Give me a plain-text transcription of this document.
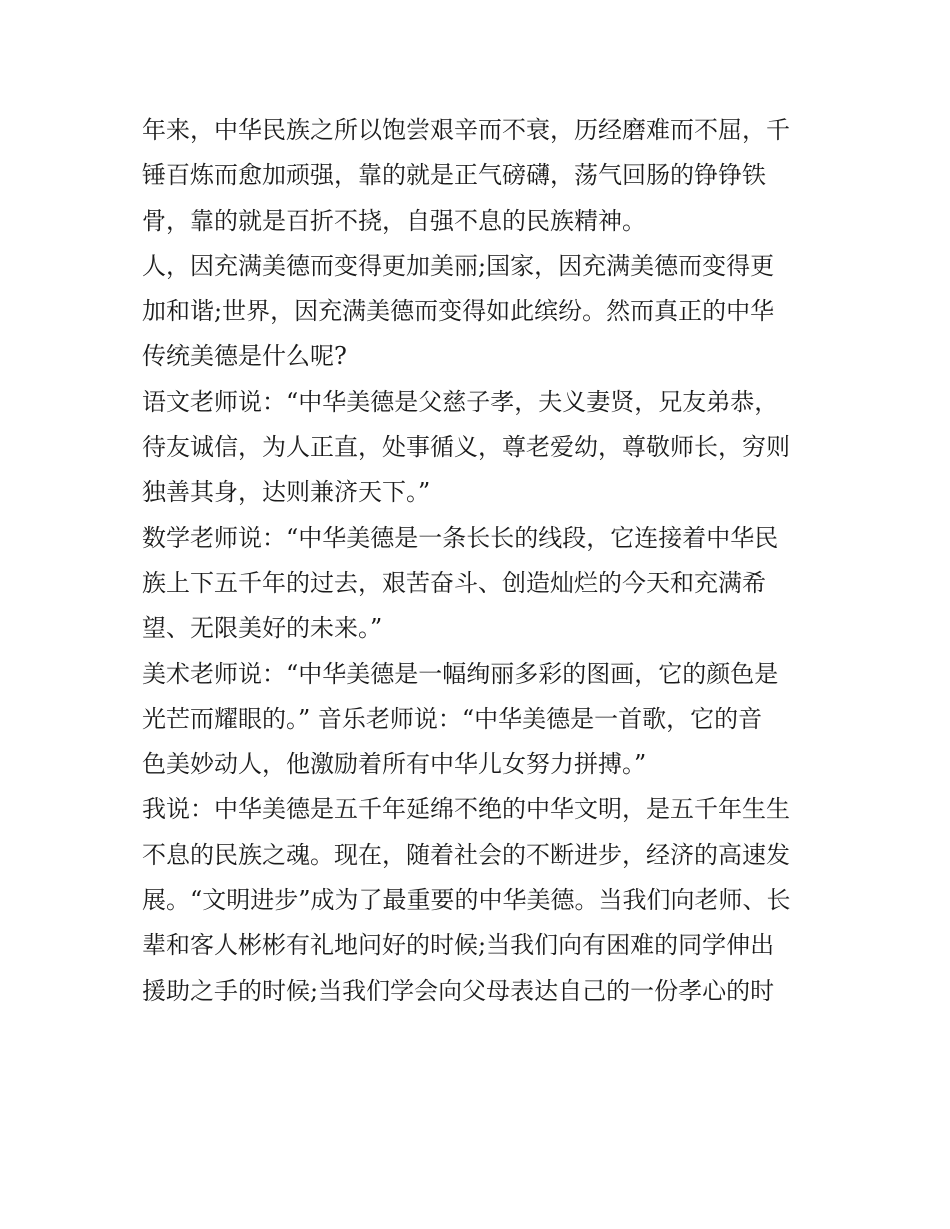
年来，中华民族之所以饱尝艰辛而不衰，历经磨难而不屈，千
锤百炼而愈加顽强，靠的就是正气磅礴，荡气回肠的铮铮铁
骨，靠的就是百折不挠，自强不息的民族精神。
人，因充满美德而变得更加美丽;国家，因充满美德而变得更
加和谐;世界，因充满美德而变得如此缤纷。然而真正的中华
传统美德是什么呢?
语文老师说：“中华美德是父慈子孝，夫义妻贤，兄友弟恭，
待友诚信，为人正直，处事循义，尊老爱幼，尊敬师长，穷则
独善其身，达则兼济天下。”
数学老师说：“中华美德是一条长长的线段，它连接着中华民
族上下五千年的过去，艰苦奋斗、创造灿烂的今天和充满希
望、无限美好的未来。”
美术老师说：“中华美德是一幅绚丽多彩的图画，它的颜色是
光芒而耀眼的。” 音乐老师说：“中华美德是一首歌，它的音
色美妙动人，他激励着所有中华儿女努力拼搏。”
我说：中华美德是五千年延绵不绝的中华文明，是五千年生生
不息的民族之魂。现在，随着社会的不断进步，经济的高速发
展。“文明进步”成为了最重要的中华美德。当我们向老师、长
辈和客人彬彬有礼地问好的时候;当我们向有困难的同学伸出
援助之手的时候;当我们学会向父母表达自己的一份孝心的时
